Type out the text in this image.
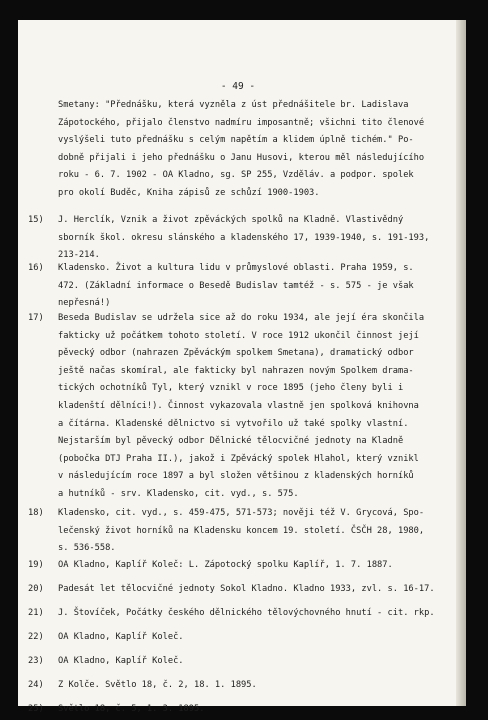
- 49 -
Smetany: "Přednášku, která vyzněla z úst přednášitele br. Ladislava
Zápotockého, přijalo členstvo nadmíru imposantně; všichni tito členové
vyslýšeli tuto přednášku s celým napětím a klidem úplně tichém." Po-
dobně přijali i jeho přednášku o Janu Husovi, kterou měl následujícího
roku - 6. 7. 1902 - OA Kladno, sg. SP 255, Vzděláv. a podpor. spolek
pro okolí Buděc, Kniha zápisů ze schůzí 1900-1903.
15)	J. Herclík, Vznik a život zpěváckých spolků na Kladně. Vlastivědný
sborník škol. okresu slánského a kladenského 17, 1939-1940, s. 191-193,
213-214.
16)	Kladensko. Život a kultura lidu v průmyslové oblasti. Praha 1959, s.
472. (Základní informace o Besedě Budislav tamtéž - s. 575 - je však
nepřesná!)
17)	Beseda Budislav se udržela sice až do roku 1934, ale její éra skončila
fakticky už počátkem tohoto století. V roce 1912 ukončil činnost její
pěvecký odbor (nahrazen Zpěváckým spolkem Smetana), dramatický odbor
ještě načas skomíral, ale fakticky byl nahrazen novým Spolkem drama-
tických ochotníků Tyl, který vznikl v roce 1895 (jeho členy byli i
kladenští dělníci!). Činnost vykazovala vlastně jen spolková knihovna
a čítárna. Kladenské dělnictvo si vytvořilo už také spolky vlastní.
Nejstarším byl pěvecký odbor Dělnické tělocvičné jednoty na Kladně
(pobočka DTJ Praha II.), jakož i Zpěvácký spolek Hlahol, který vznikl
v následujícím roce 1897 a byl složen většinou z kladenských horníků
a hutníků - srv. Kladensko, cit. vyd., s. 575.
18)	Kladensko, cit. vyd., s. 459-475, 571-573; nověji též V. Grycová, Spo-
lečenský život horníků na Kladensku koncem 19. století. ČSČH 28, 1980,
s. 536-558.
19)	OA Kladno, Kaplíř Koleč: L. Zápotocký spolku Kaplíř, 1. 7. 1887.
20)	Padesát let tělocvičné jednoty Sokol Kladno. Kladno 1933, zvl. s. 16-17.
21)	J. Štovíček, Počátky českého dělnického tělovýchovného hnutí - cit. rkp.
22)	OA Kladno, Kaplíř Koleč.
23)	OA Kladno, Kaplíř Koleč.
24)	Z Kolče. Světlo 18, č. 2, 18. 1. 1895.
25)	Světlo 18, č. 5, 1. 3. 1895.
